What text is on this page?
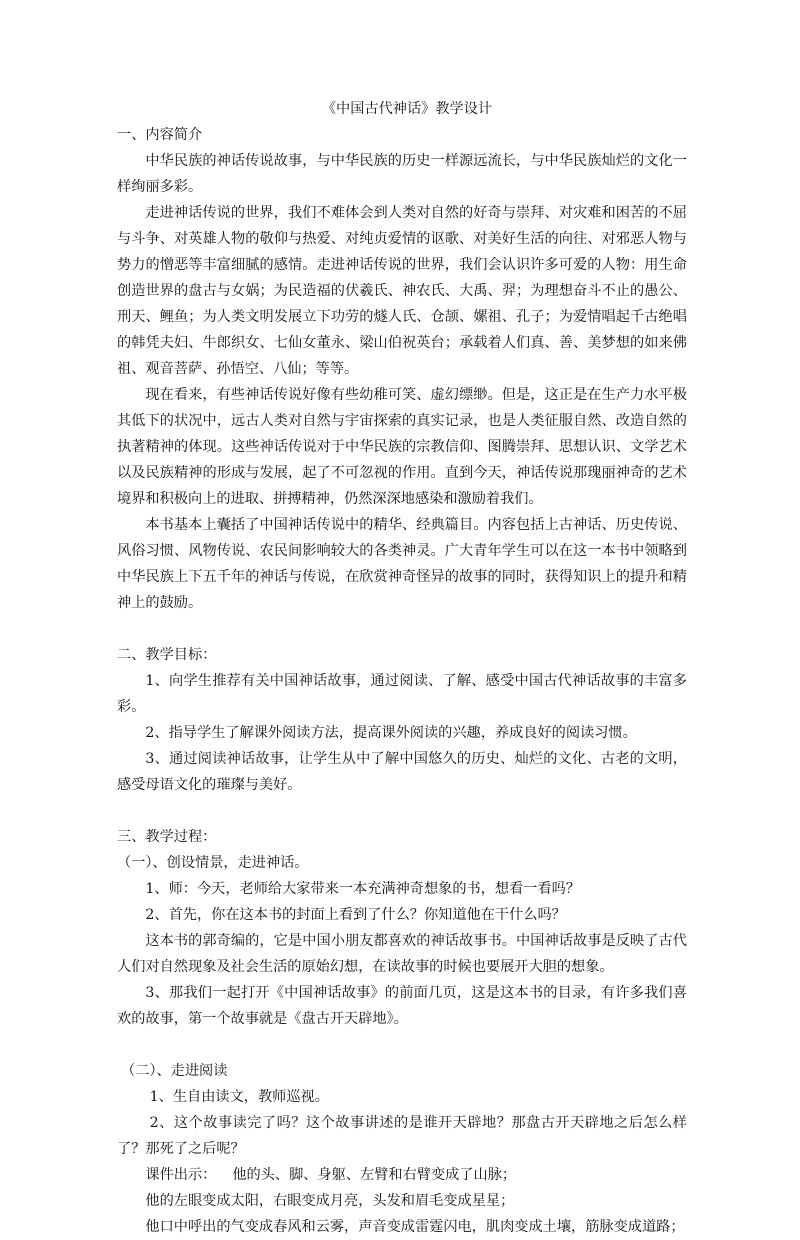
《中国古代神话》教学设计
一、内容简介

中华民族的神话传说故事，与中华民族的历史一样源远流长，与中华民族灿烂的文化一样绚丽多彩。

走进神话传说的世界，我们不难体会到人类对自然的好奇与崇拜、对灾难和困苦的不屈与斗争、对英雄人物的敬仰与热爱、对纯贞爱情的讴歌、对美好生活的向往、对邪恶人物与势力的憎恶等丰富细腻的感情。走进神话传说的世界，我们会认识许多可爱的人物：用生命创造世界的盘古与女娲；为民造福的伏羲氏、神农氏、大禹、羿；为理想奋斗不止的愚公、刑天、鲤鱼；为人类文明发展立下功劳的燧人氏、仓颉、嫘祖、孔子；为爱情唱起千古绝唱的韩凭夫妇、牛郎织女、七仙女董永、梁山伯祝英台；承载着人们真、善、美梦想的如来佛祖、观音菩萨、孙悟空、八仙；等等。

现在看来，有些神话传说好像有些幼稚可笑、虚幻缥缈。但是，这正是在生产力水平极其低下的状况中，远古人类对自然与宇宙探索的真实记录，也是人类征服自然、改造自然的执著精神的体现。这些神话传说对于中华民族的宗教信仰、图腾崇拜、思想认识、文学艺术以及民族精神的形成与发展，起了不可忽视的作用。直到今天，神话传说那瑰丽神奇的艺术境界和积极向上的进取、拼搏精神，仍然深深地感染和激励着我们。

本书基本上囊括了中国神话传说中的精华、经典篇目。内容包括上古神话、历史传说、风俗习惯、风物传说、农民间影响较大的各类神灵。广大青年学生可以在这一本书中领略到中华民族上下五千年的神话与传说，在欣赏神奇怪异的故事的同时，获得知识上的提升和精神上的鼓励。

二、教学目标：

1、向学生推荐有关中国神话故事，通过阅读、了解、感受中国古代神话故事的丰富多彩。

2、指导学生了解课外阅读方法，提高课外阅读的兴趣，养成良好的阅读习惯。

3、通过阅读神话故事，让学生从中了解中国悠久的历史、灿烂的文化、古老的文明，感受母语文化的璀璨与美好。

三、教学过程：
（一）、创设情景，走进神话。

1、师：今天，老师给大家带来一本充满神奇想象的书，想看一看吗？

2、首先，你在这本书的封面上看到了什么？你知道他在干什么吗？

这本书的郭奇编的，它是中国小朋友都喜欢的神话故事书。中国神话故事是反映了古代人们对自然现象及社会生活的原始幻想，在读故事的时候也要展开大胆的想象。

3、那我们一起打开《中国神话故事》的前面几页，这是这本书的目录，有许多我们喜欢的故事，第一个故事就是《盘古开天辟地》。

（二）、走进阅读

1、生自由读文，教师巡视。

2、这个故事读完了吗？这个故事讲述的是谁开天辟地？那盘古开天辟地之后怎么样了？那死了之后呢？

课件出示： 他的头、脚、身躯、左臂和右臂变成了山脉；

他的左眼变成太阳，右眼变成月亮，头发和眉毛变成星星；

他口中呼出的气变成春风和云雾，声音变成雷霆闪电，肌肉变成土壤，筋脉变成道路；
